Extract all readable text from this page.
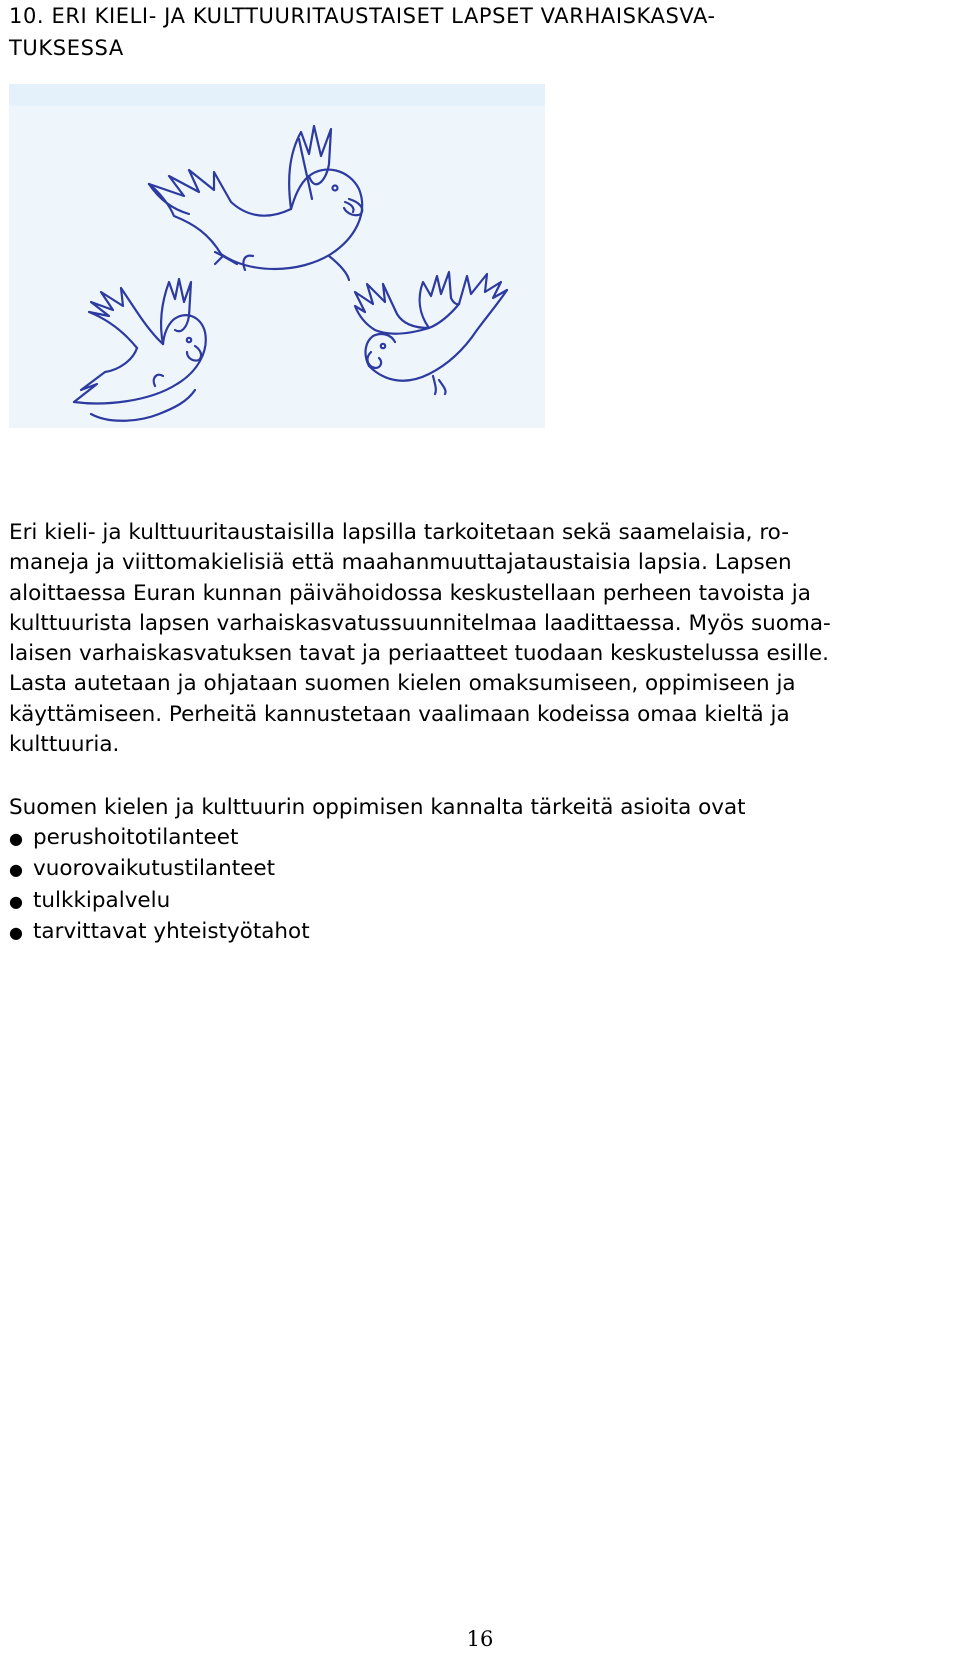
10. ERI KIELI- JA KULTTUURITAUSTAISET LAPSET VARHAISKASVA-
TUKSESSA

Eri kieli- ja kulttuuritaustaisilla lapsilla tarkoitetaan sekä saamelaisia, ro-
maneja ja viittomakielisiä että maahanmuuttajataustaisia lapsia. Lapsen
aloittaessa Euran kunnan päivähoidossa keskustellaan perheen tavoista ja
kulttuurista lapsen varhaiskasvatussuunnitelmaa laadittaessa. Myös suoma-
laisen varhaiskasvatuksen tavat ja periaatteet tuodaan keskustelussa esille.
Lasta autetaan ja ohjataan suomen kielen omaksumiseen, oppimiseen ja
käyttämiseen. Perheitä kannustetaan vaalimaan kodeissa omaa kieltä ja
kulttuuria.

Suomen kielen ja kulttuurin oppimisen kannalta tärkeitä asioita ovat

● perushoitotilanteet
● vuorovaikutustilanteet
● tulkkipalvelu
● tarvittavat yhteistyötahot
16
